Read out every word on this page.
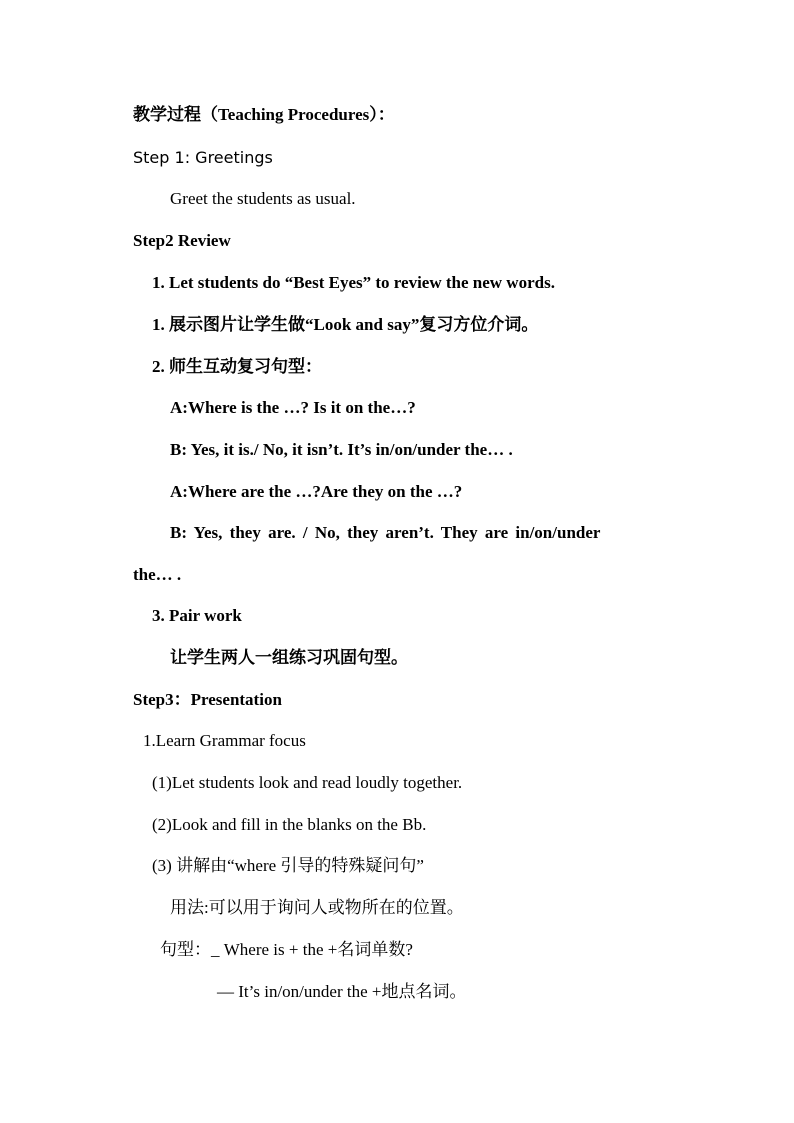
教学过程（Teaching Procedures）：
Step 1: Greetings
Greet the students as usual.
Step2 Review
1. Let students do “Best Eyes” to review the new words.
1. 展示图片让学生做“Look and say”复习方位介词。
2. 师生互动复习句型：
A:Where is the …? Is it on the…?
B: Yes, it is./ No, it isn’t. It’s in/on/under the… .
A:Where are the …?Are they on the …?
B: Yes, they are. / No, they aren’t. They are in/on/under
the… .
3. Pair work
让学生两人一组练习巩固句型。
Step3：Presentation
1.Learn Grammar focus
(1)Let students look and read loudly together.
(2)Look and fill in the blanks on the Bb.
(3) 讲解由“where 引导的特殊疑问句”
用法:可以用于询问人或物所在的位置。
句型：_ Where is + the +名词单数?
— It’s in/on/under the +地点名词。
